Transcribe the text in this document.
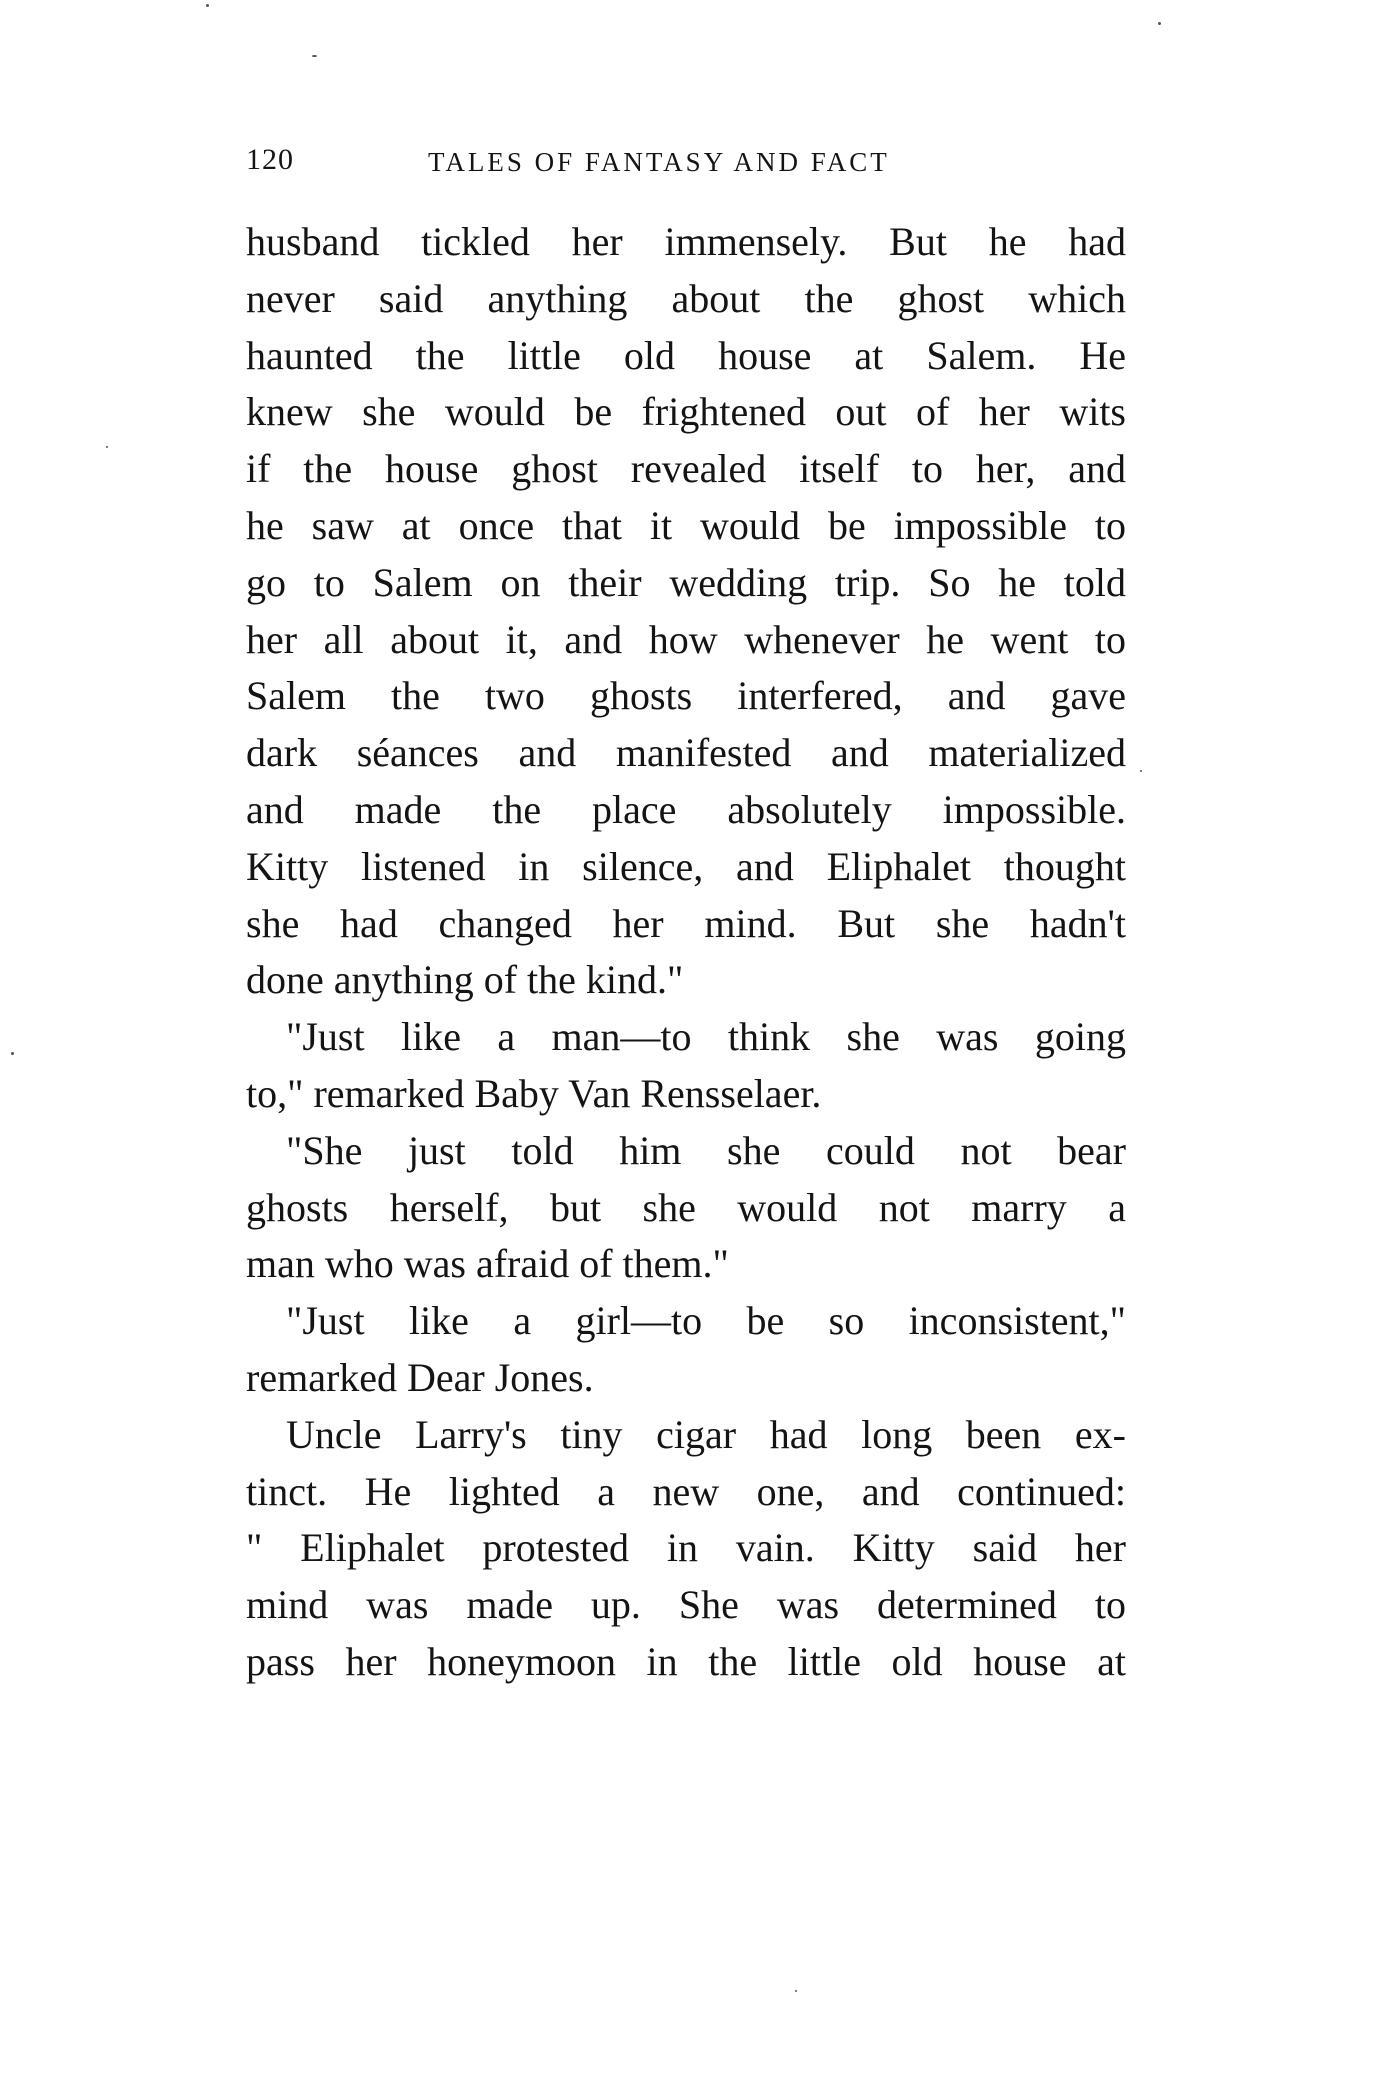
120	TALES OF FANTASY AND FACT
husband tickled her immensely. But he had
never said anything about the ghost which
haunted the little old house at Salem. He
knew she would be frightened out of her wits
if the house ghost revealed itself to her, and
he saw at once that it would be impossible to
go to Salem on their wedding trip. So he told
her all about it, and how whenever he went to
Salem the two ghosts interfered, and gave
dark séances and manifested and materialized
and made the place absolutely impossible.
Kitty listened in silence, and Eliphalet thought
she had changed her mind. But she hadn't
done anything of the kind."
"Just like a man—to think she was going
to," remarked Baby Van Rensselaer.
"She just told him she could not bear
ghosts herself, but she would not marry a
man who was afraid of them."
"Just like a girl—to be so inconsistent,"
remarked Dear Jones.
Uncle Larry's tiny cigar had long been ex-
tinct. He lighted a new one, and continued:
" Eliphalet protested in vain. Kitty said her
mind was made up. She was determined to
pass her honeymoon in the little old house at
